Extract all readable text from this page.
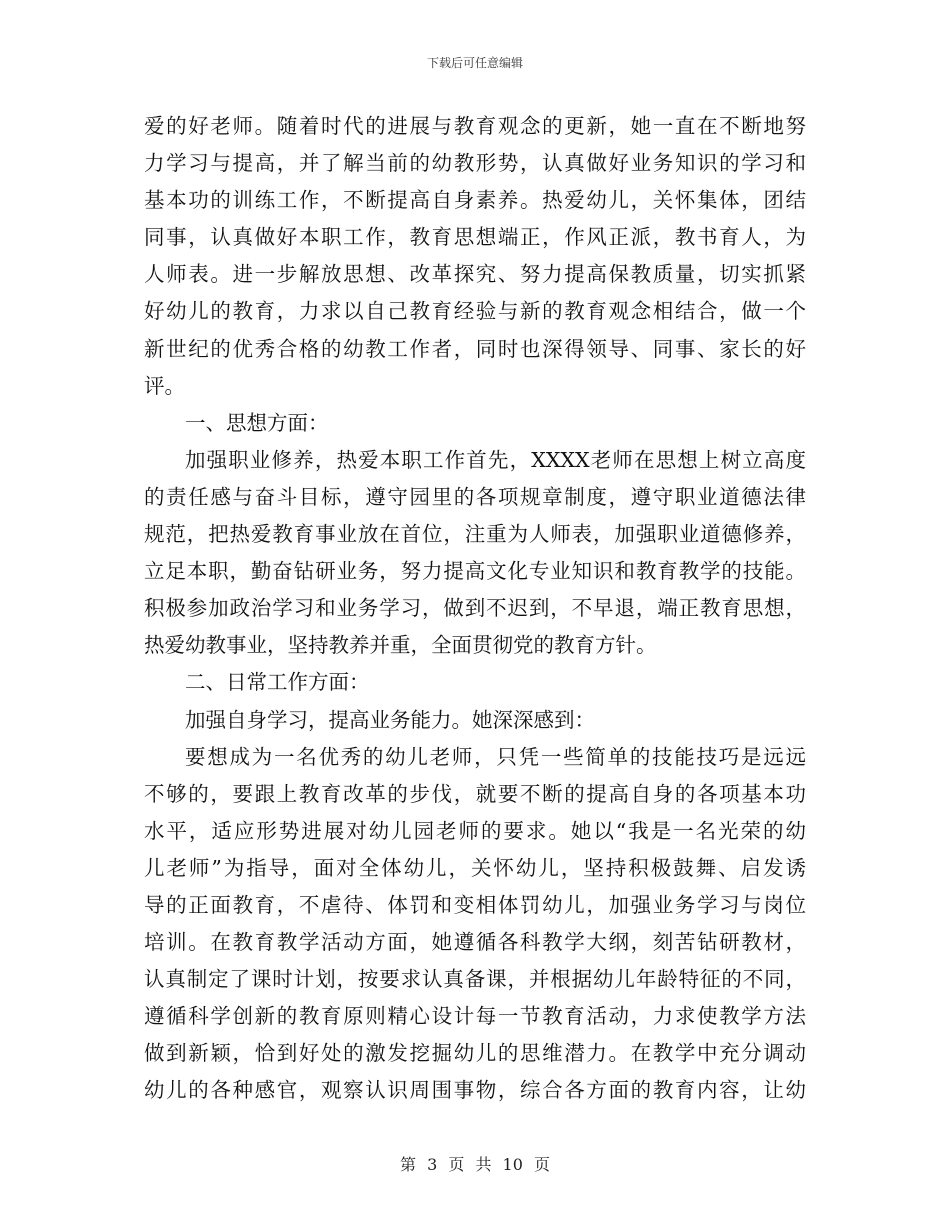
下载后可任意编辑
爱的好老师。随着时代的进展与教育观念的更新，她一直在不断地努
力学习与提高，并了解当前的幼教形势，认真做好业务知识的学习和
基本功的训练工作，不断提高自身素养。热爱幼儿，关怀集体，团结
同事，认真做好本职工作，教育思想端正，作风正派，教书育人，为
人师表。进一步解放思想、改革探究、努力提高保教质量，切实抓紧
好幼儿的教育，力求以自己教育经验与新的教育观念相结合，做一个
新世纪的优秀合格的幼教工作者，同时也深得领导、同事、家长的好
评。
一、思想方面：
加强职业修养，热爱本职工作首先，XXXX老师在思想上树立高度
的责任感与奋斗目标，遵守园里的各项规章制度，遵守职业道德法律
规范，把热爱教育事业放在首位，注重为人师表，加强职业道德修养，
立足本职，勤奋钻研业务，努力提高文化专业知识和教育教学的技能。
积极参加政治学习和业务学习，做到不迟到，不早退，端正教育思想，
热爱幼教事业，坚持教养并重，全面贯彻党的教育方针。
二、日常工作方面：
加强自身学习，提高业务能力。她深深感到：
要想成为一名优秀的幼儿老师，只凭一些简单的技能技巧是远远
不够的，要跟上教育改革的步伐，就要不断的提高自身的各项基本功
水平，适应形势进展对幼儿园老师的要求。她以“我是一名光荣的幼
儿老师”为指导，面对全体幼儿，关怀幼儿，坚持积极鼓舞、启发诱
导的正面教育，不虐待、体罚和变相体罚幼儿，加强业务学习与岗位
培训。在教育教学活动方面，她遵循各科教学大纲，刻苦钻研教材，
认真制定了课时计划，按要求认真备课，并根据幼儿年龄特征的不同，
遵循科学创新的教育原则精心设计每一节教育活动，力求使教学方法
做到新颖，恰到好处的激发挖掘幼儿的思维潜力。在教学中充分调动
幼儿的各种感官，观察认识周围事物，综合各方面的教育内容，让幼
第 3 页 共 10 页
